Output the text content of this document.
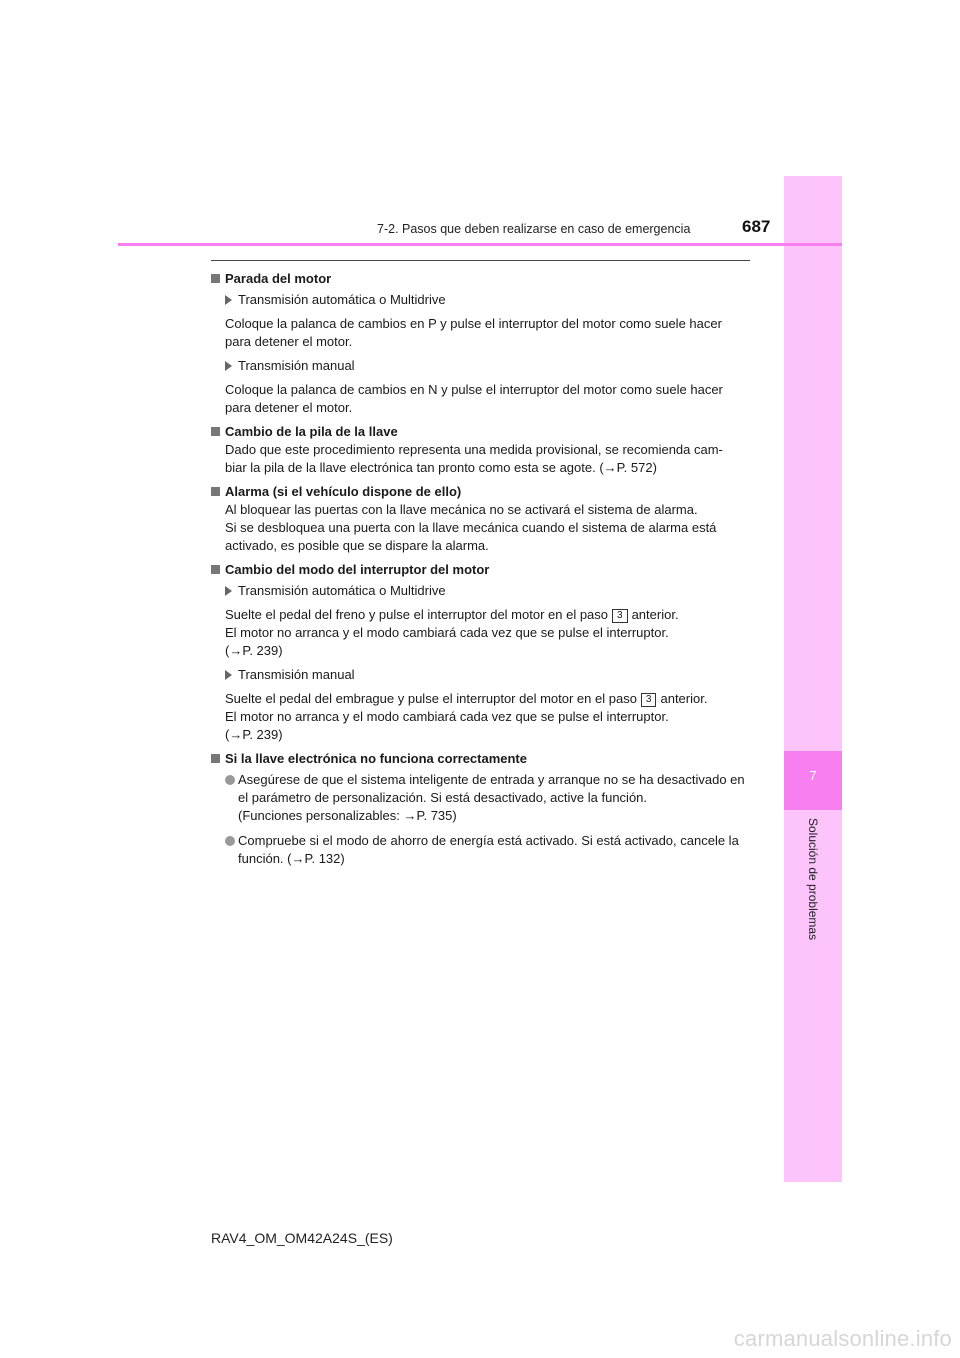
7
Solución de problemas
7-2. Pasos que deben realizarse en caso de emergencia	687
Parada del motor
Transmisión automática o Multidrive
Coloque la palanca de cambios en P y pulse el interruptor del motor como suele hacer para detener el motor.
Transmisión manual
Coloque la palanca de cambios en N y pulse el interruptor del motor como suele hacer para detener el motor.
Cambio de la pila de la llave
Dado que este procedimiento representa una medida provisional, se recomienda cam-
biar la pila de la llave electrónica tan pronto como esta se agote. (→P. 572)
Alarma (si el vehículo dispone de ello)
Al bloquear las puertas con la llave mecánica no se activará el sistema de alarma.
Si se desbloquea una puerta con la llave mecánica cuando el sistema de alarma está activado, es posible que se dispare la alarma.
Cambio del modo del interruptor del motor
Transmisión automática o Multidrive
Suelte el pedal del freno y pulse el interruptor del motor en el paso 3 anterior.
El motor no arranca y el modo cambiará cada vez que se pulse el interruptor.
(→P. 239)
Transmisión manual
Suelte el pedal del embrague y pulse el interruptor del motor en el paso 3 anterior.
El motor no arranca y el modo cambiará cada vez que se pulse el interruptor.
(→P. 239)
Si la llave electrónica no funciona correctamente
Asegúrese de que el sistema inteligente de entrada y arranque no se ha desactivado en el parámetro de personalización. Si está desactivado, active la función.
(Funciones personalizables: →P. 735)
Compruebe si el modo de ahorro de energía está activado. Si está activado, cancele la función. (→P. 132)
RAV4_OM_OM42A24S_(ES)
carmanualsonline.info
